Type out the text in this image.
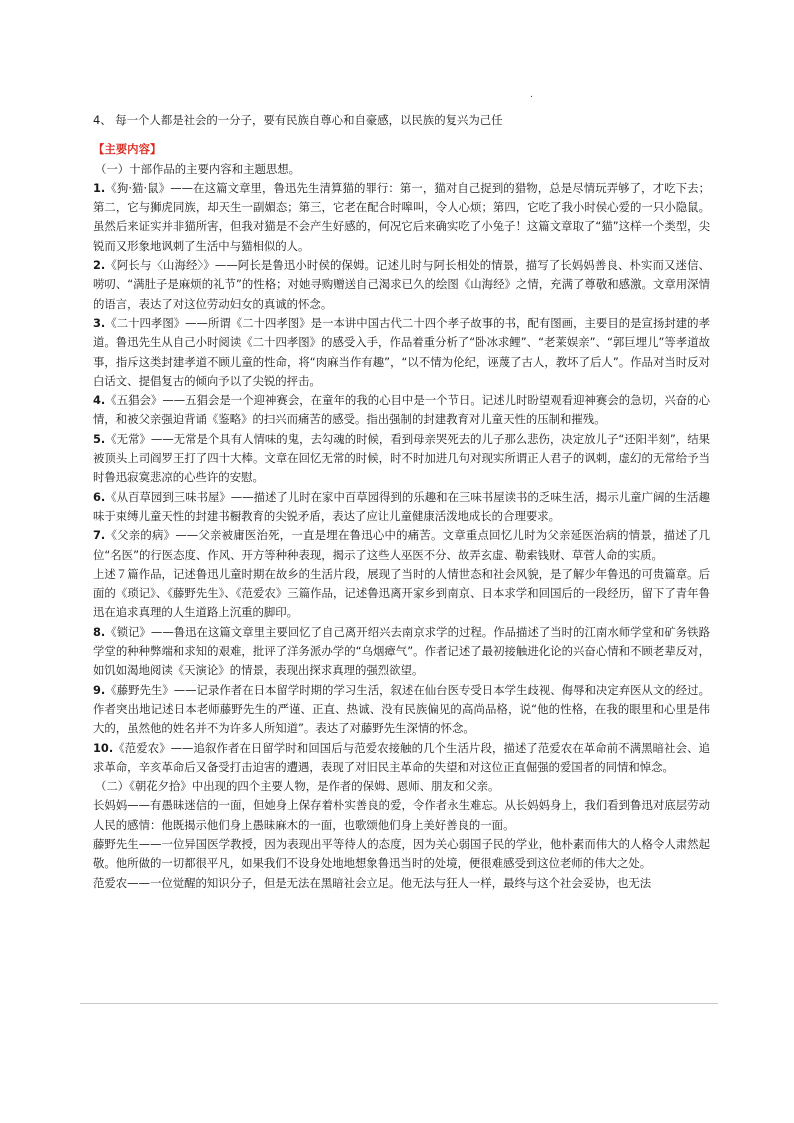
.

4、 每一个人都是社会的一分子，要有民族自尊心和自豪感，以民族的复兴为己任

【主要内容】

（一）十部作品的主要内容和主题思想。

1.《狗·猫·鼠》——在这篇文章里，鲁迅先生清算猫的罪行：第一，猫对自己捉到的猎物，总是尽情玩弄够了，才吃下去；第二，它与狮虎同族，却天生一副媚态；第三，它老在配合时嗥叫，令人心烦；第四，它吃了我小时侯心爱的一只小隐鼠。虽然后来证实并非猫所害，但我对猫是不会产生好感的，何况它后来确实吃了小兔子！这篇文章取了“猫”这样一个类型，尖锐而又形象地讽刺了生活中与猫相似的人。

2.《阿长与〈山海经〉》——阿长是鲁迅小时侯的保姆。记述儿时与阿长相处的情景，描写了长妈妈善良、朴实而又迷信、唠叨、“满肚子是麻烦的礼节”的性格；对她寻购赠送自己渴求已久的绘图《山海经》之情，充满了尊敬和感激。文章用深情的语言，表达了对这位劳动妇女的真诚的怀念。

3.《二十四孝图》——所谓《二十四孝图》是一本讲中国古代二十四个孝子故事的书，配有图画，主要目的是宣扬封建的孝道。鲁迅先生从自己小时阅读《二十四孝图》的感受入手，作品着重分析了“卧冰求鲤”、“老莱娱亲”、“郭巨埋儿”等孝道故事，指斥这类封建孝道不顾儿童的性命，将“肉麻当作有趣”，“以不情为伦纪，诬蔑了古人，教坏了后人”。作品对当时反对白话文、提倡复古的倾向予以了尖锐的抨击。

4.《五猖会》——五猖会是一个迎神赛会，在童年的我的心目中是一个节日。记述儿时盼望观看迎神赛会的急切，兴奋的心情，和被父亲强迫背诵《鉴略》的扫兴而痛苦的感受。指出强制的封建教育对儿童天性的压制和摧残。

5.《无常》——无常是个具有人情味的鬼，去勾魂的时候，看到母亲哭死去的儿子那么悲伤，决定放儿子“还阳半刻”，结果被顶头上司阎罗王打了四十大棒。文章在回忆无常的时候，时不时加进几句对现实所谓正人君子的讽刺，虚幻的无常给予当时鲁迅寂寞悲凉的心些许的安慰。

6.《从百草园到三味书屋》——描述了儿时在家中百草园得到的乐趣和在三味书屋读书的乏味生活，揭示儿童广阔的生活趣味于束缚儿童天性的封建书橱教育的尖锐矛盾，表达了应让儿童健康活泼地成长的合理要求。

7.《父亲的病》——父亲被庸医治死，一直是埋在鲁迅心中的痛苦。文章重点回忆儿时为父亲延医治病的情景，描述了几位“名医”的行医态度、作风、开方等种种表现，揭示了这些人巫医不分、故弄玄虚、勒索钱财、草菅人命的实质。

上述７篇作品，记述鲁迅儿童时期在故乡的生活片段，展现了当时的人情世态和社会风貌，是了解少年鲁迅的可贵篇章。后面的《琐记》、《藤野先生》、《范爱农》三篇作品，记述鲁迅离开家乡到南京、日本求学和回国后的一段经历，留下了青年鲁迅在追求真理的人生道路上沉重的脚印。

8.《锁记》——鲁迅在这篇文章里主要回忆了自己离开绍兴去南京求学的过程。作品描述了当时的江南水师学堂和矿务铁路学堂的种种弊端和求知的艰难，批评了洋务派办学的“乌烟瘴气”。作者记述了最初接触进化论的兴奋心情和不顾老辈反对，如饥如渴地阅读《天演论》的情景，表现出探求真理的强烈欲望。

9.《藤野先生》——记录作者在日本留学时期的学习生活，叙述在仙台医专受日本学生歧视、侮辱和决定弃医从文的经过。作者突出地记述日本老师藤野先生的严谨、正直、热诚、没有民族偏见的高尚品格，说“他的性格，在我的眼里和心里是伟大的，虽然他的姓名并不为许多人所知道”。表达了对藤野先生深情的怀念。

10.《范爱农》——追叙作者在日留学时和回国后与范爱农接触的几个生活片段，描述了范爱农在革命前不满黑暗社会、追求革命，辛亥革命后又备受打击迫害的遭遇，表现了对旧民主革命的失望和对这位正直倔强的爱国者的同情和悼念。

（二）《朝花夕拾》中出现的四个主要人物，是作者的保姆、恩师、朋友和父亲。

长妈妈——有愚昧迷信的一面，但她身上保存着朴实善良的爱，令作者永生难忘。从长妈妈身上，我们看到鲁迅对底层劳动人民的感情：他既揭示他们身上愚昧麻木的一面，也歌颂他们身上美好善良的一面。

藤野先生——一位异国医学教授，因为表现出平等待人的态度，因为关心弱国子民的学业，他朴素而伟大的人格令人肃然起敬。他所做的一切都很平凡，如果我们不设身处地地想象鲁迅当时的处境，便很难感受到这位老师的伟大之处。

范爱农——一位觉醒的知识分子，但是无法在黑暗社会立足。他无法与狂人一样，最终与这个社会妥协，也无法
